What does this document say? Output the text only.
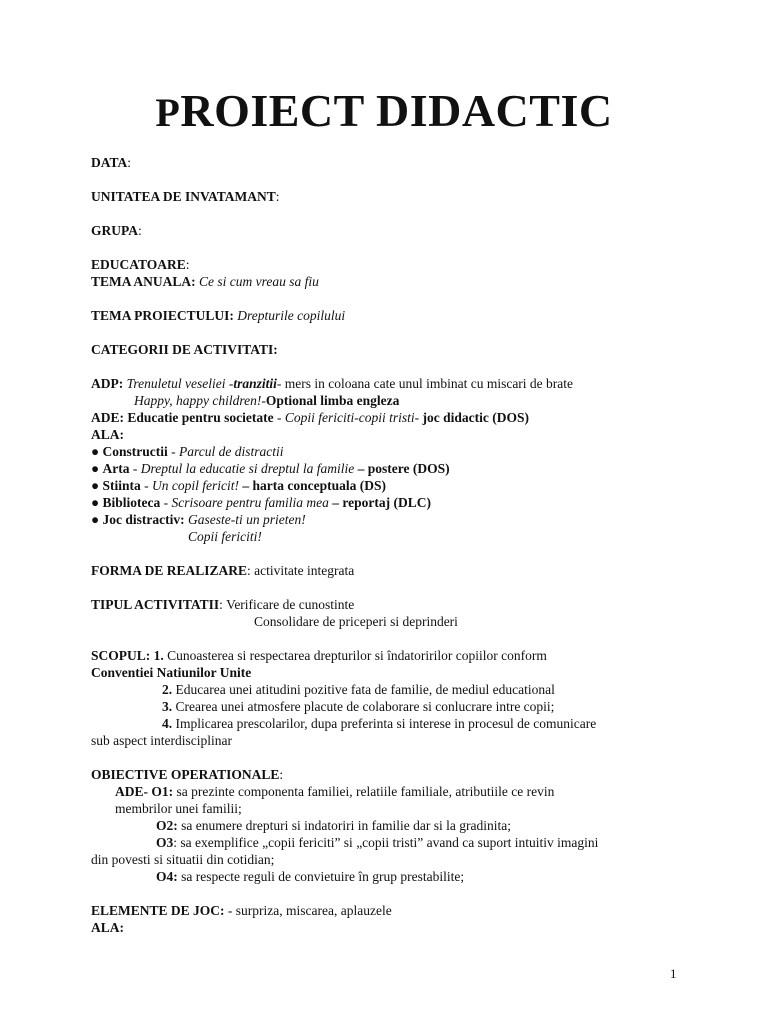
PROIECT DIDACTIC
DATA:
UNITATEA DE INVATAMANT:
GRUPA:
EDUCATOARE:
TEMA ANUALA: Ce si cum vreau sa fiu
TEMA PROIECTULUI: Drepturile copilului
CATEGORII DE ACTIVITATI:
ADP: Trenuletul veseliei -tranzitii- mers in coloana cate unul imbinat cu miscari de brate
Happy, happy children!-Optional limba engleza
ADE: Educatie pentru societate - Copii fericiti-copii tristi- joc didactic (DOS)
ALA:
● Constructii - Parcul de distractii
● Arta - Dreptul la educatie si dreptul la familie – postere (DOS)
● Stiinta - Un copil fericit! – harta conceptuala (DS)
● Biblioteca - Scrisoare pentru familia mea – reportaj (DLC)
● Joc distractiv: Gaseste-ti un prieten!
Copii fericiti!
FORMA DE REALIZARE: activitate integrata
TIPUL ACTIVITATII: Verificare de cunostinte
Consolidare de priceperi si deprinderi
SCOPUL: 1. Cunoasterea si respectarea drepturilor si îndatoririlor copiilor conform
Conventiei Natiunilor Unite
2. Educarea unei atitudini pozitive fata de familie, de mediul educational
3. Crearea unei atmosfere placute de colaborare si conlucrare intre copii;
4. Implicarea prescolarilor, dupa preferinta si interese in procesul de comunicare
sub aspect interdisciplinar
OBIECTIVE OPERATIONALE:
ADE- O1: sa prezinte componenta familiei, relatiile familiale, atributiile ce revin
membrilor unei familii;
O2: sa enumere drepturi si indatoriri in familie dar si la gradinita;
O3: sa exemplifice „copii fericiti” si „copii tristi” avand ca suport intuitiv imagini
din povesti si situatii din cotidian;
O4: sa respecte reguli de convietuire în grup prestabilite;
ELEMENTE DE JOC: - surpriza, miscarea, aplauzele
ALA:
1
